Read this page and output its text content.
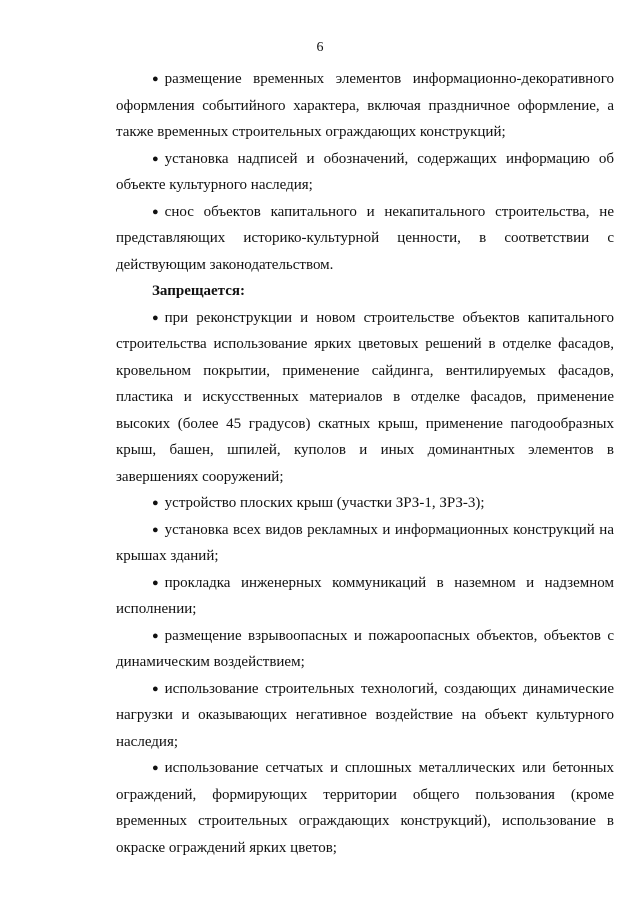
6

● размещение временных элементов информационно-декоративного оформления событийного характера, включая праздничное оформление, а также временных строительных ограждающих конструкций;

● установка надписей и обозначений, содержащих информацию об объекте культурного наследия;

● снос объектов капитального и некапитального строительства, не представляющих историко-культурной ценности, в соответствии с действующим законодательством.

Запрещается:

● при реконструкции и новом строительстве объектов капитального строительства использование ярких цветовых решений в отделке фасадов, кровельном покрытии, применение сайдинга, вентилируемых фасадов, пластика и искусственных материалов в отделке фасадов, применение высоких (более 45 градусов) скатных крыш, применение пагодообразных крыш, башен, шпилей, куполов и иных доминантных элементов в завершениях сооружений;

● устройство плоских крыш (участки ЗРЗ-1, ЗРЗ-3);

● установка всех видов рекламных и информационных конструкций на крышах зданий;

● прокладка инженерных коммуникаций в наземном и надземном исполнении;

● размещение взрывоопасных и пожароопасных объектов, объектов с динамическим воздействием;

● использование строительных технологий, создающих динамические нагрузки и оказывающих негативное воздействие на объект культурного наследия;

● использование сетчатых и сплошных металлических или бетонных ограждений, формирующих территории общего пользования (кроме временных строительных ограждающих конструкций), использование в окраске ограждений ярких цветов;
